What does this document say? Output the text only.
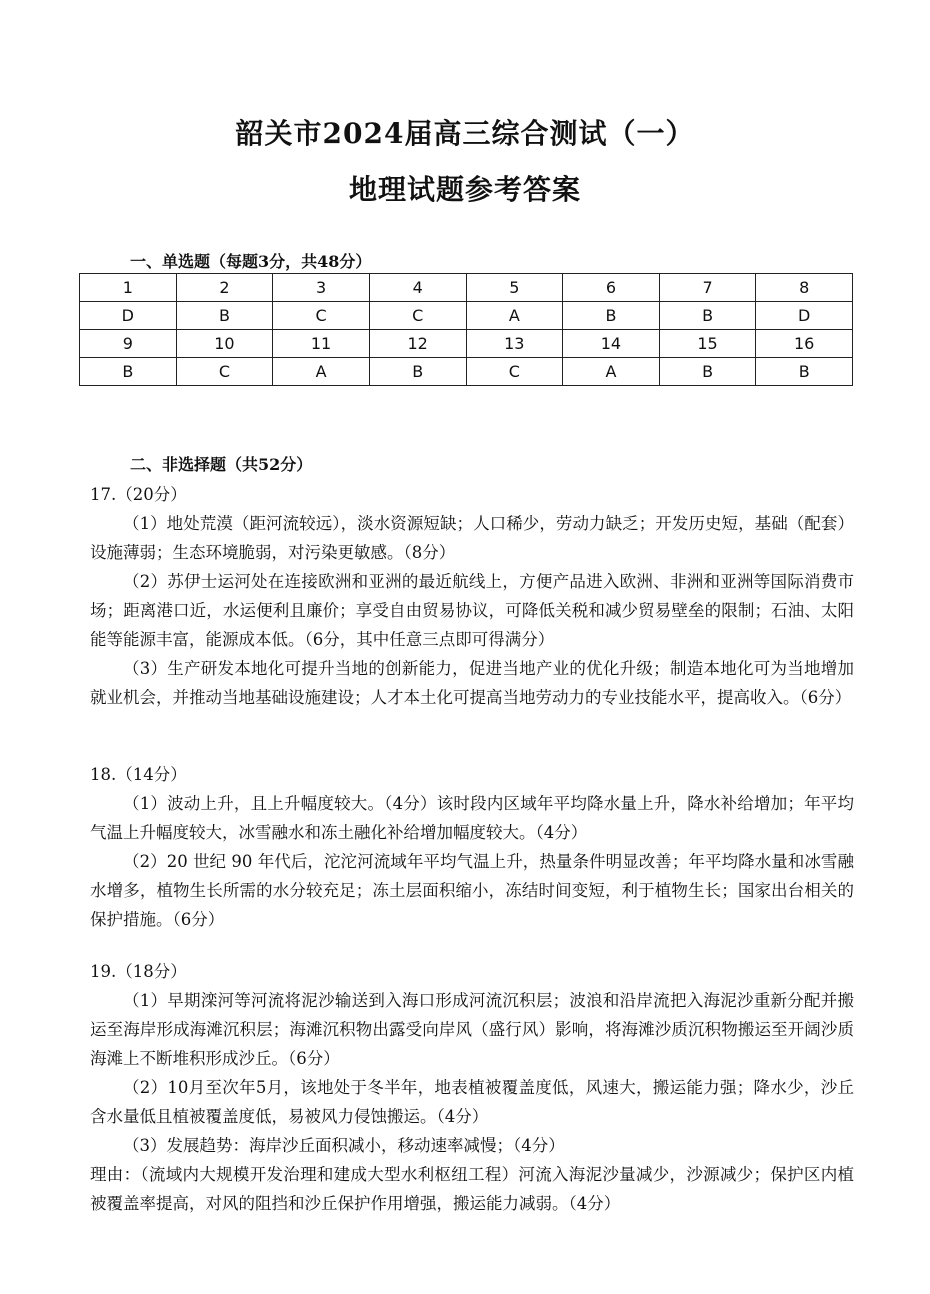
韶关市2024届高三综合测试（一）
地理试题参考答案
一、单选题（每题3分，共48分）
1	2	3	4	5	6	7	8
D	B	C	C	A	B	B	D
9	10	11	12	13	14	15	16
B	C	A	B	C	A	B	B
二、非选择题（共52分）

17.（20分）

（1）地处荒漠（距河流较远），淡水资源短缺；人口稀少，劳动力缺乏；开发历史短，基础（配套）设施薄弱；生态环境脆弱，对污染更敏感。（8分）

（2）苏伊士运河处在连接欧洲和亚洲的最近航线上，方便产品进入欧洲、非洲和亚洲等国际消费市场；距离港口近，水运便利且廉价；享受自由贸易协议，可降低关税和减少贸易壁垒的限制；石油、太阳能等能源丰富，能源成本低。（6分，其中任意三点即可得满分）

（3）生产研发本地化可提升当地的创新能力，促进当地产业的优化升级；制造本地化可为当地增加就业机会，并推动当地基础设施建设；人才本土化可提高当地劳动力的专业技能水平，提高收入。（6分）

18.（14分）

（1）波动上升，且上升幅度较大。（4分）该时段内区域年平均降水量上升，降水补给增加；年平均气温上升幅度较大，冰雪融水和冻土融化补给增加幅度较大。（4分）

（2）20 世纪 90 年代后，沱沱河流域年平均气温上升，热量条件明显改善；年平均降水量和冰雪融水增多，植物生长所需的水分较充足；冻土层面积缩小，冻结时间变短，利于植物生长；国家出台相关的保护措施。（6分）

19.（18分）

（1）早期滦河等河流将泥沙输送到入海口形成河流沉积层；波浪和沿岸流把入海泥沙重新分配并搬运至海岸形成海滩沉积层；海滩沉积物出露受向岸风（盛行风）影响，将海滩沙质沉积物搬运至开阔沙质海滩上不断堆积形成沙丘。（6分）

（2）10月至次年5月，该地处于冬半年，地表植被覆盖度低，风速大，搬运能力强；降水少，沙丘含水量低且植被覆盖度低，易被风力侵蚀搬运。（4分）

（3）发展趋势：海岸沙丘面积减小，移动速率减慢；（4分）

理由：（流域内大规模开发治理和建成大型水利枢纽工程）河流入海泥沙量减少，沙源减少；保护区内植被覆盖率提高，对风的阻挡和沙丘保护作用增强，搬运能力减弱。（4分）
